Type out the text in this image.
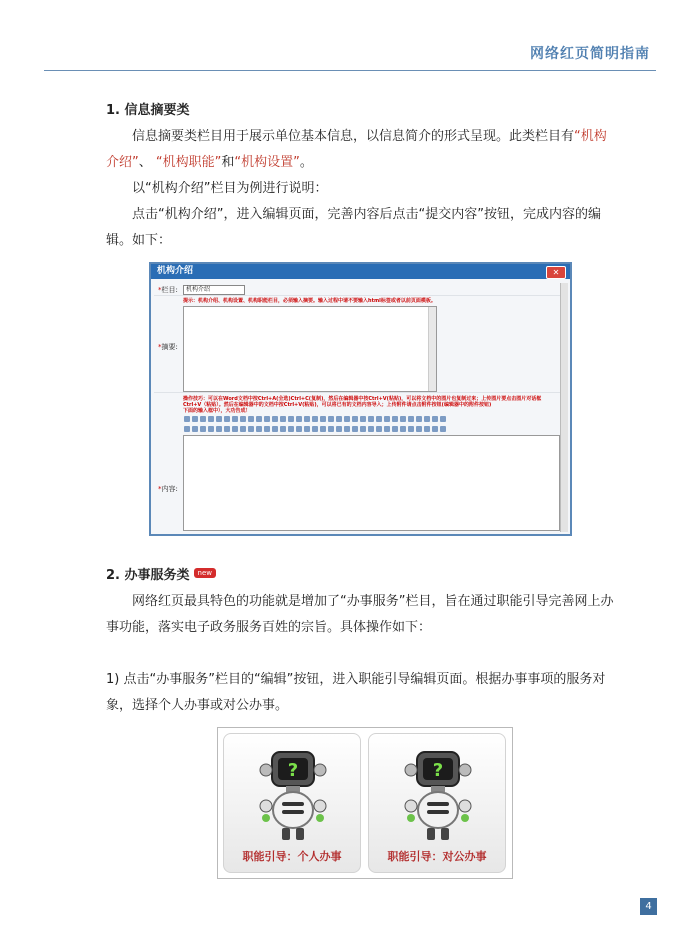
网络红页简明指南

1. 信息摘要类

信息摘要类栏目用于展示单位基本信息，以信息简介的形式呈现。此类栏目有“机构介绍”、 “机构职能”和“机构设置”。

以“机构介绍”栏目为例进行说明：

点击“机构介绍”，进入编辑页面，完善内容后点击“提交内容”按钮，完成内容的编辑。如下：

机构介绍	✕
*栏目:	机构介绍
提示：机构介绍、机构设置、机构职能栏目，必须输入摘要。输入过程中请不要输入html标签或者以前页面模板。
*摘要:
操作技巧：可以在Word文档中按Ctrl+A(全选)Ctrl+C(复制)，然后在编辑器中按Ctrl+V(粘贴)，可以将文档中的图片也复制过来；上传图片要点击图片对话框
Ctrl+V（粘贴）。然后在编辑器中的文档中按Ctrl+V(粘贴)，可以将已有的文档内容导入；上传附件请点击附件按钮(编辑器中的附件按钮)
下面的输入框中），大功告成！
*内容:

2. 办事服务类 new

网络红页最具特色的功能就是增加了“办事服务”栏目，旨在通过职能引导完善网上办事功能，落实电子政务服务百姓的宗旨。具体操作如下：

1) 点击“办事服务”栏目的“编辑”按钮，进入职能引导编辑页面。根据办事事项的服务对象，选择个人办事或对公办事。

?
职能引导：个人办事
?
职能引导：对公办事
4
